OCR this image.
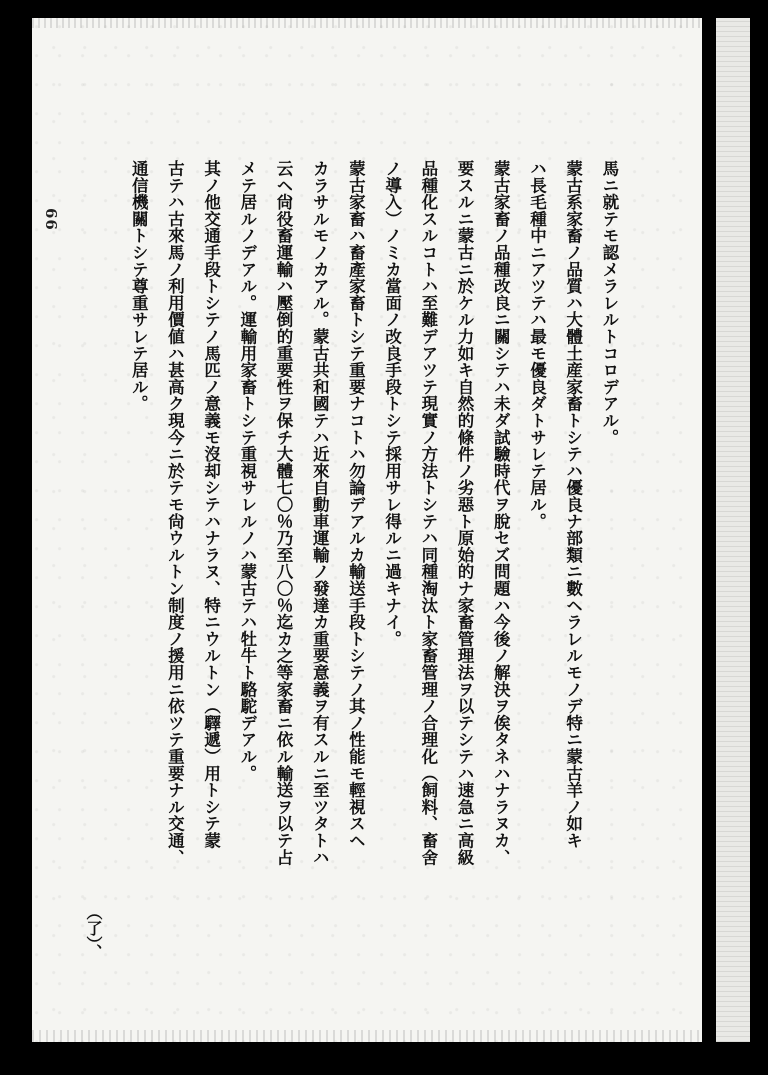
66	馬ニ就テモ認メラレルトコロデアル。
蒙古系家畜ノ品質ハ大體土産家畜トシテハ優良ナ部類ニ數ヘラレルモノデ特ニ蒙古羊ノ如キ
ハ長毛種中ニアツテハ最モ優良ダトサレテ居ル。
蒙古家畜ノ品種改良ニ關シテハ未ダ試驗時代ヲ脫セズ問題ハ今後ノ解決ヲ俟タネハナラヌカ、
要スルニ蒙古ニ於ケル力如キ自然的條件ノ劣惡ト原始的ナ家畜管理法ヲ以テシテハ速急ニ高級
品種化スルコトハ至難デアツテ現實ノ方法トシテハ同種淘汰ト家畜管理ノ合理化（飼料、畜舍
ノ導入）ノミカ當面ノ改良手段トシテ採用サレ得ルニ過キナイ。
蒙古家畜ハ畜產家畜トシテ重要ナコトハ勿論デアルカ輸送手段トシテノ其ノ性能モ輕視スヘ
カラサルモノカアル。蒙古共和國テハ近來自動車運輸ノ發達カ重要意義ヲ有スルニ至ツタトハ
云ヘ尙役畜運輸ハ壓倒的重要性ヲ保チ大體七〇％乃至八〇％迄カ之等家畜ニ依ル輸送ヲ以テ占
メテ居ルノデアル。運輸用家畜トシテ重視サレルノハ蒙古テハ牡牛ト駱駝デアル。
其ノ他交通手段トシテノ馬匹ノ意義モ沒却シテハナラヌ、特ニウルトン（驛遞）用トシテ蒙
古テハ古來馬ノ利用價値ハ甚高ク現今ニ於テモ尙ウルトン制度ノ援用ニ依ツテ重要ナル交通、
通信機關トシテ尊重サレテ居ル。
（了）、
